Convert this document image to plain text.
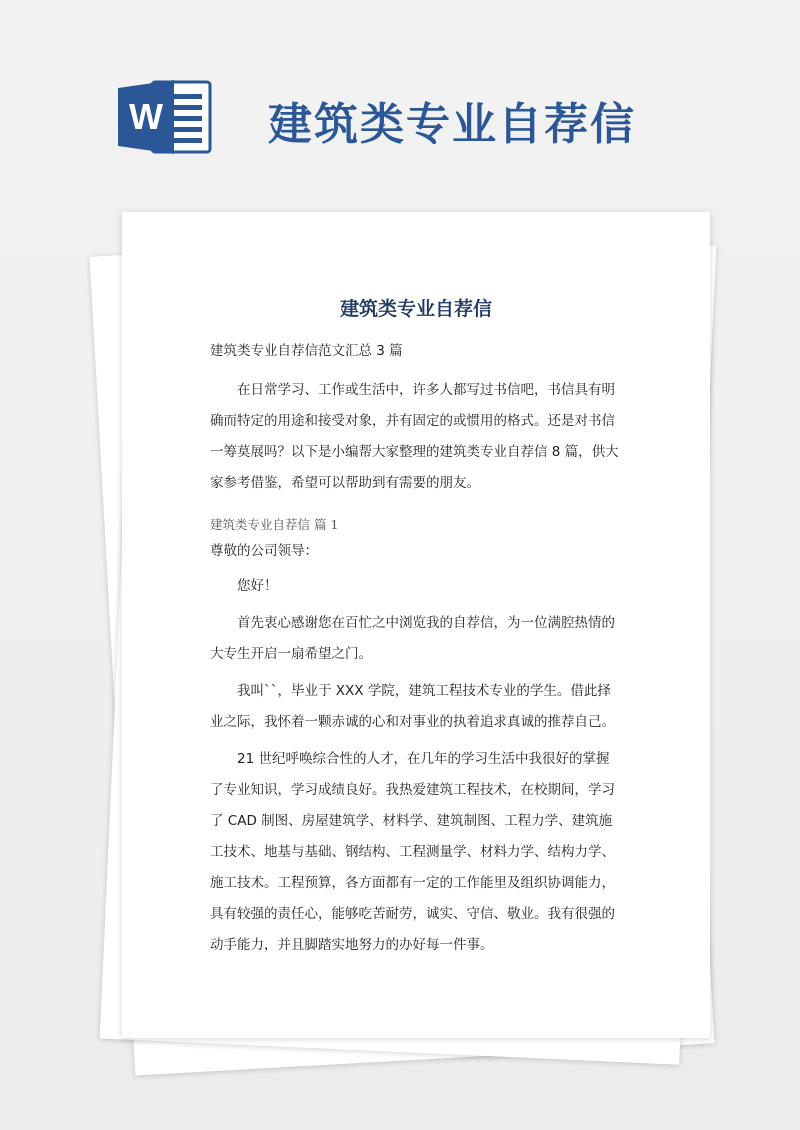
W 建筑类专业自荐信
建筑类专业自荐信

建筑类专业自荐信范文汇总 3 篇

在日常学习、工作或生活中，许多人都写过书信吧，书信具有明确而特定的用途和接受对象，并有固定的或惯用的格式。还是对书信一筹莫展吗？以下是小编帮大家整理的建筑类专业自荐信 8 篇，供大家参考借鉴，希望可以帮助到有需要的朋友。

建筑类专业自荐信 篇 1

尊敬的公司领导：

您好！

首先衷心感谢您在百忙之中浏览我的自荐信，为一位满腔热情的大专生开启一扇希望之门。

我叫``，毕业于 XXX 学院，建筑工程技术专业的学生。借此择业之际，我怀着一颗赤诚的心和对事业的执着追求真诚的推荐自己。

21 世纪呼唤综合性的人才，在几年的学习生活中我很好的掌握了专业知识，学习成绩良好。我热爱建筑工程技术，在校期间，学习了 CAD 制图、房屋建筑学、材料学、建筑制图、工程力学、建筑施工技术、地基与基础、钢结构、工程测量学、材料力学、结构力学、施工技术。工程预算，各方面都有一定的工作能里及组织协调能力，具有较强的责任心，能够吃苦耐劳，诚实、守信、敬业。我有很强的动手能力，并且脚踏实地努力的办好每一件事。
